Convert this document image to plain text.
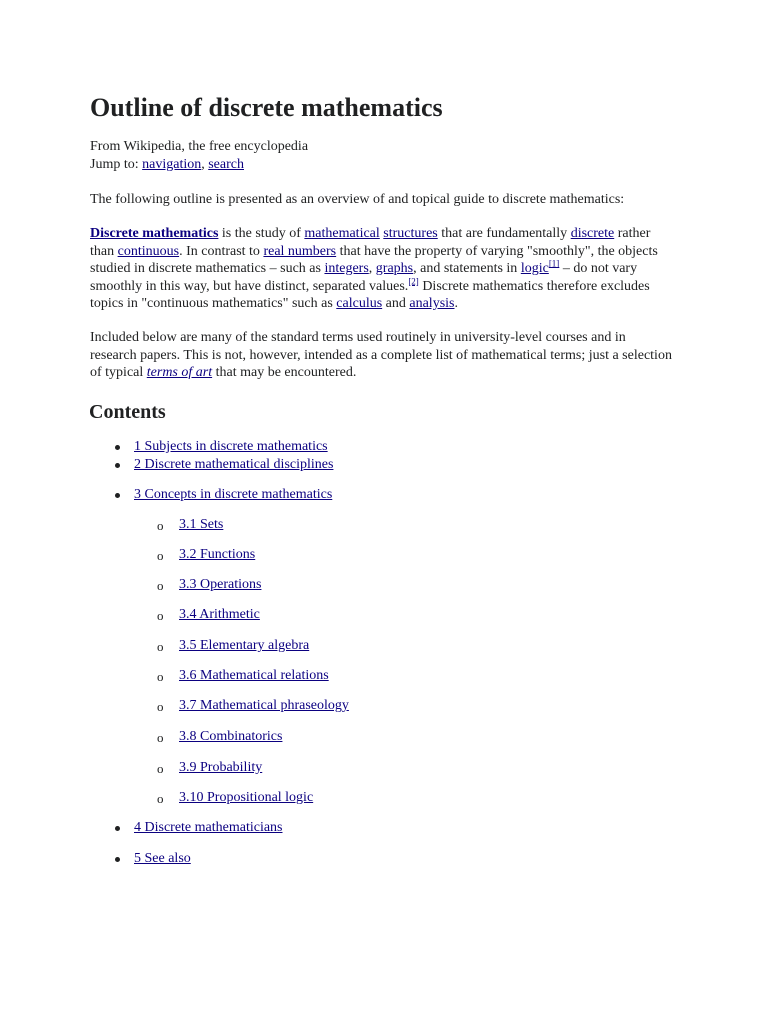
Outline of discrete mathematics
From Wikipedia, the free encyclopedia
Jump to: navigation, search
The following outline is presented as an overview of and topical guide to discrete mathematics:
Discrete mathematics is the study of mathematical structures that are fundamentally discrete rather than continuous. In contrast to real numbers that have the property of varying "smoothly", the objects studied in discrete mathematics – such as integers, graphs, and statements in logic[1] – do not vary smoothly in this way, but have distinct, separated values.[2] Discrete mathematics therefore excludes topics in "continuous mathematics" such as calculus and analysis.
Included below are many of the standard terms used routinely in university-level courses and in research papers. This is not, however, intended as a complete list of mathematical terms; just a selection of typical terms of art that may be encountered.
Contents
1 Subjects in discrete mathematics
2 Discrete mathematical disciplines
3 Concepts in discrete mathematics
o 3.1 Sets
o 3.2 Functions
o 3.3 Operations
o 3.4 Arithmetic
o 3.5 Elementary algebra
o 3.6 Mathematical relations
o 3.7 Mathematical phraseology
o 3.8 Combinatorics
o 3.9 Probability
o 3.10 Propositional logic
4 Discrete mathematicians
5 See also
